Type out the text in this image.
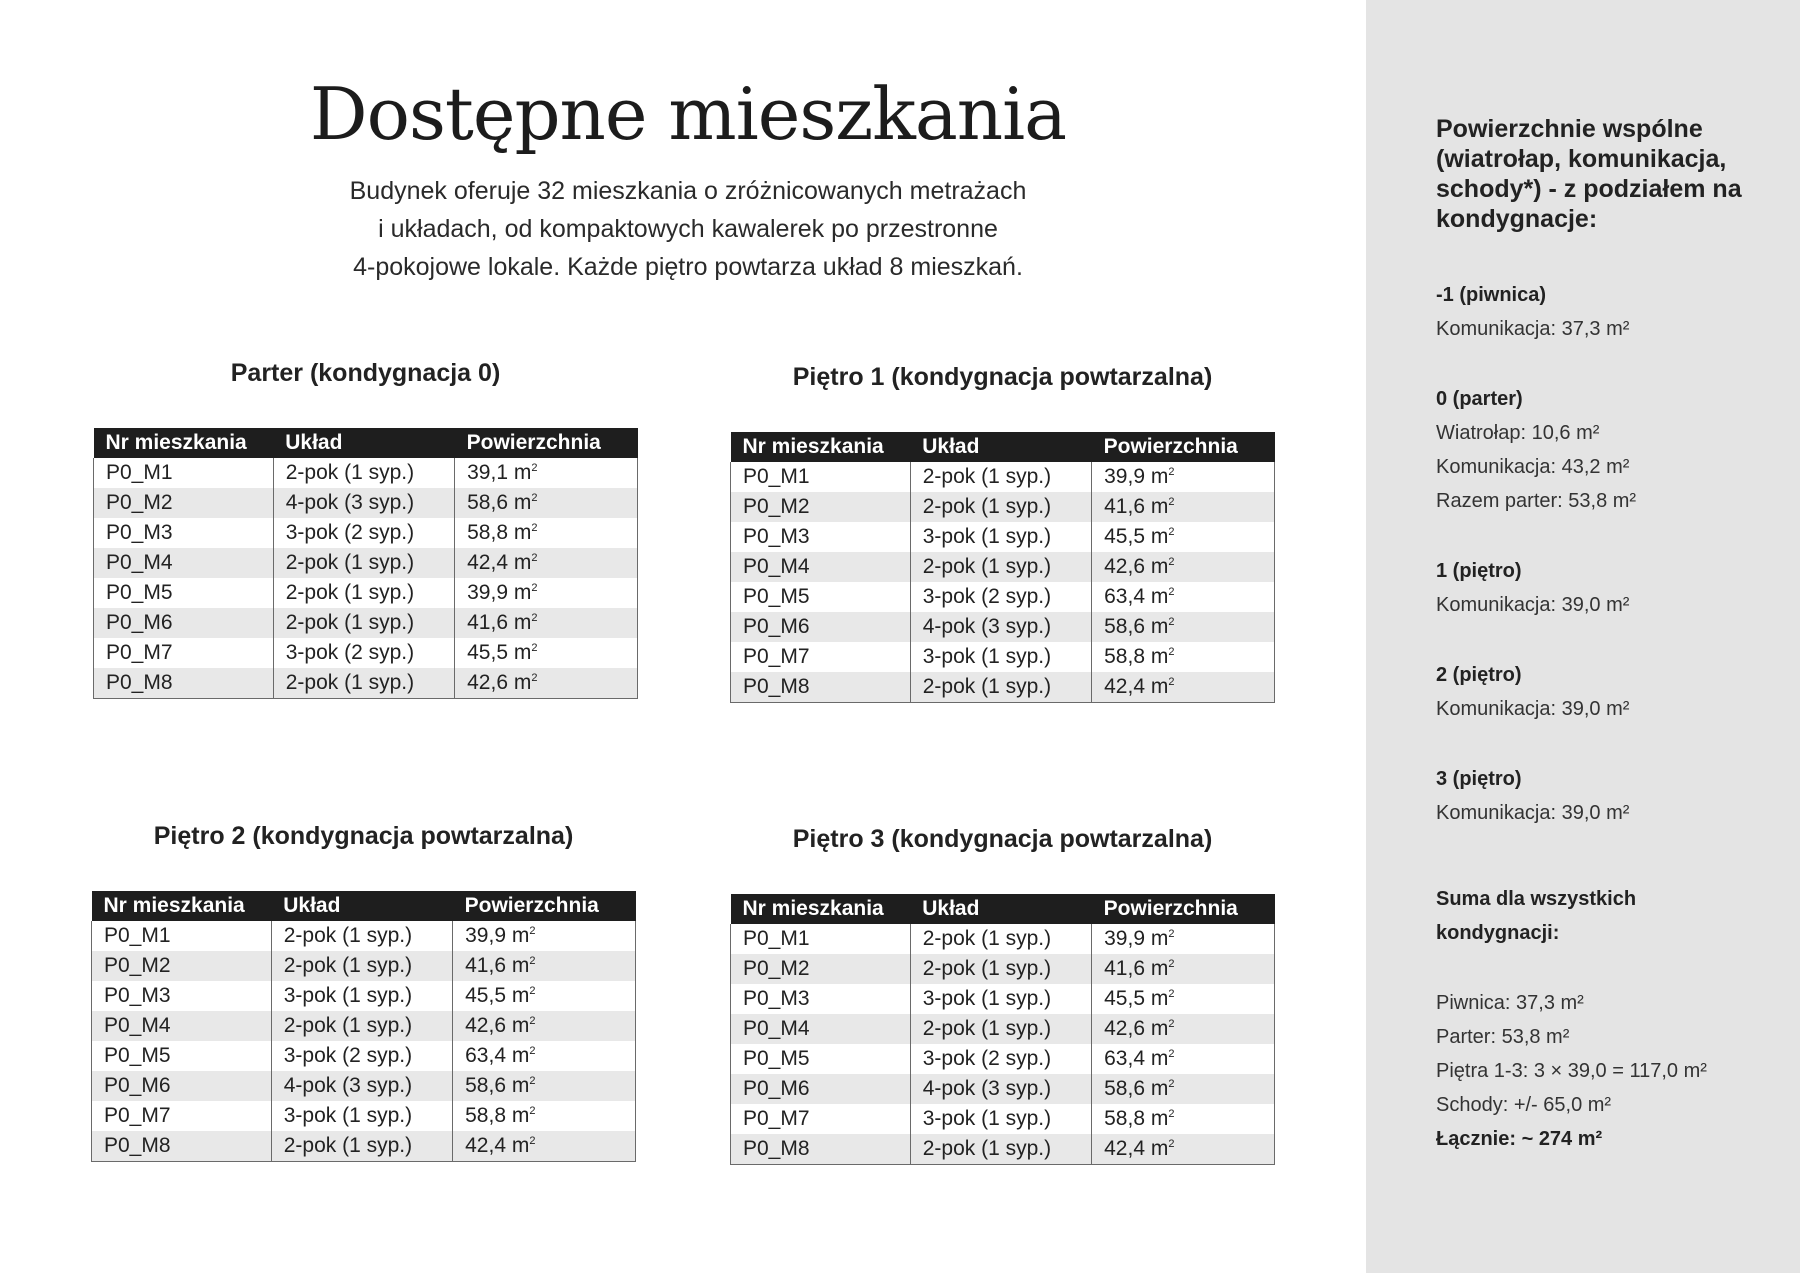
Dostępne mieszkania
Budynek oferuje 32 mieszkania o zróżnicowanych metrażach
i układach, od kompaktowych kawalerek po przestronne
4-pokojowe lokale. Każde piętro powtarza układ 8 mieszkań.
Parter (kondygnacja 0)
Nr mieszkania	Układ	Powierzchnia
P0_M1	2-pok (1 syp.)	39,1 $m^2$
P0_M2	4-pok (3 syp.)	58,6 $m^2$
P0_M3	3-pok (2 syp.)	58,8 $m^2$
P0_M4	2-pok (1 syp.)	42,4 $m^2$
P0_M5	2-pok (1 syp.)	39,9 $m^2$
P0_M6	2-pok (1 syp.)	41,6 $m^2$
P0_M7	3-pok (2 syp.)	45,5 $m^2$
P0_M8	2-pok (1 syp.)	42,6 $m^2$
Piętro 1 (kondygnacja powtarzalna)
Nr mieszkania	Układ	Powierzchnia
P0_M1	2-pok (1 syp.)	39,9 $m^2$
P0_M2	2-pok (1 syp.)	41,6 $m^2$
P0_M3	3-pok (1 syp.)	45,5 $m^2$
P0_M4	2-pok (1 syp.)	42,6 $m^2$
P0_M5	3-pok (2 syp.)	63,4 $m^2$
P0_M6	4-pok (3 syp.)	58,6 $m^2$
P0_M7	3-pok (1 syp.)	58,8 $m^2$
P0_M8	2-pok (1 syp.)	42,4 $m^2$
Piętro 2 (kondygnacja powtarzalna)
Nr mieszkania	Układ	Powierzchnia
P0_M1	2-pok (1 syp.)	39,9 $m^2$
P0_M2	2-pok (1 syp.)	41,6 $m^2$
P0_M3	3-pok (1 syp.)	45,5 $m^2$
P0_M4	2-pok (1 syp.)	42,6 $m^2$
P0_M5	3-pok (2 syp.)	63,4 $m^2$
P0_M6	4-pok (3 syp.)	58,6 $m^2$
P0_M7	3-pok (1 syp.)	58,8 $m^2$
P0_M8	2-pok (1 syp.)	42,4 $m^2$
Piętro 3 (kondygnacja powtarzalna)
Nr mieszkania	Układ	Powierzchnia
P0_M1	2-pok (1 syp.)	39,9 $m^2$
P0_M2	2-pok (1 syp.)	41,6 $m^2$
P0_M3	3-pok (1 syp.)	45,5 $m^2$
P0_M4	2-pok (1 syp.)	42,6 $m^2$
P0_M5	3-pok (2 syp.)	63,4 $m^2$
P0_M6	4-pok (3 syp.)	58,6 $m^2$
P0_M7	3-pok (1 syp.)	58,8 $m^2$
P0_M8	2-pok (1 syp.)	42,4 $m^2$
Powierzchnie wspólne (wiatrołap, komunikacja, schody*) - z podziałem na kondygnacje:
-1 (piwnica)
Komunikacja: 37,3 m²
0 (parter)
Wiatrołap: 10,6 m²
Komunikacja: 43,2 m²
Razem parter: 53,8 m²
1 (piętro)
Komunikacja: 39,0 m²
2 (piętro)
Komunikacja: 39,0 m²
3 (piętro)
Komunikacja: 39,0 m²
Suma dla wszystkich kondygnacji:
Piwnica: 37,3 m²
Parter: 53,8 m²
Piętra 1-3: 3 × 39,0 = 117,0 m²
Schody: +/- 65,0 m²
Łącznie: ~ 274 m²
